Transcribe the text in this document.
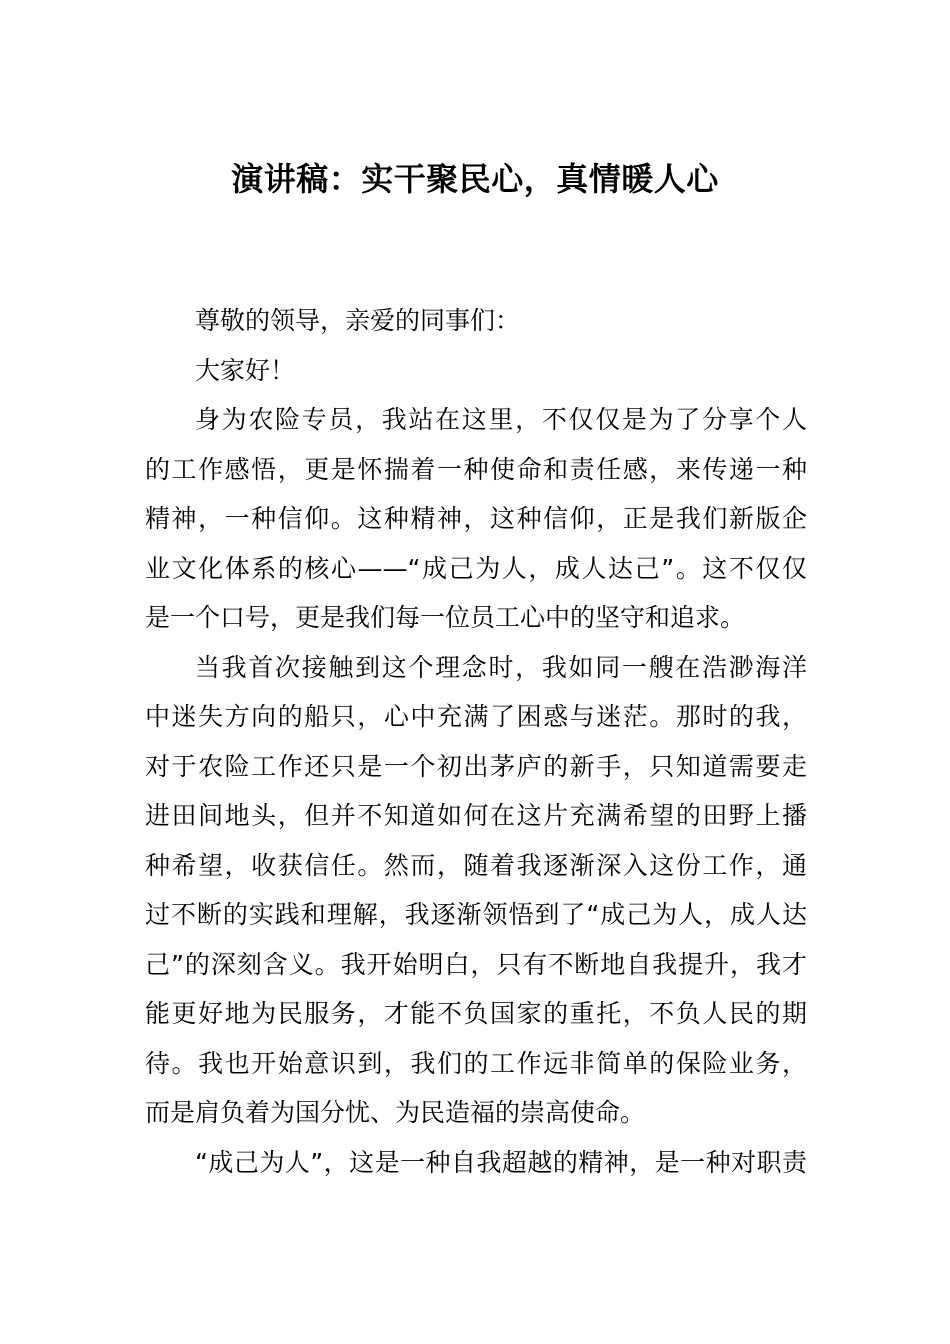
演讲稿：实干聚民心，真情暖人心
尊敬的领导，亲爱的同事们：
大家好！
身为农险专员，我站在这里，不仅仅是为了分享个人
的工作感悟，更是怀揣着一种使命和责任感，来传递一种
精神，一种信仰。这种精神，这种信仰，正是我们新版企
业文化体系的核心——“成己为人，成人达己”。这不仅仅
是一个口号，更是我们每一位员工心中的坚守和追求。
当我首次接触到这个理念时，我如同一艘在浩渺海洋
中迷失方向的船只，心中充满了困惑与迷茫。那时的我，
对于农险工作还只是一个初出茅庐的新手，只知道需要走
进田间地头，但并不知道如何在这片充满希望的田野上播
种希望，收获信任。然而，随着我逐渐深入这份工作，通
过不断的实践和理解，我逐渐领悟到了“成己为人，成人达
己”的深刻含义。我开始明白，只有不断地自我提升，我才
能更好地为民服务，才能不负国家的重托，不负人民的期
待。我也开始意识到，我们的工作远非简单的保险业务，
而是肩负着为国分忧、为民造福的崇高使命。
“成己为人”，这是一种自我超越的精神，是一种对职责
